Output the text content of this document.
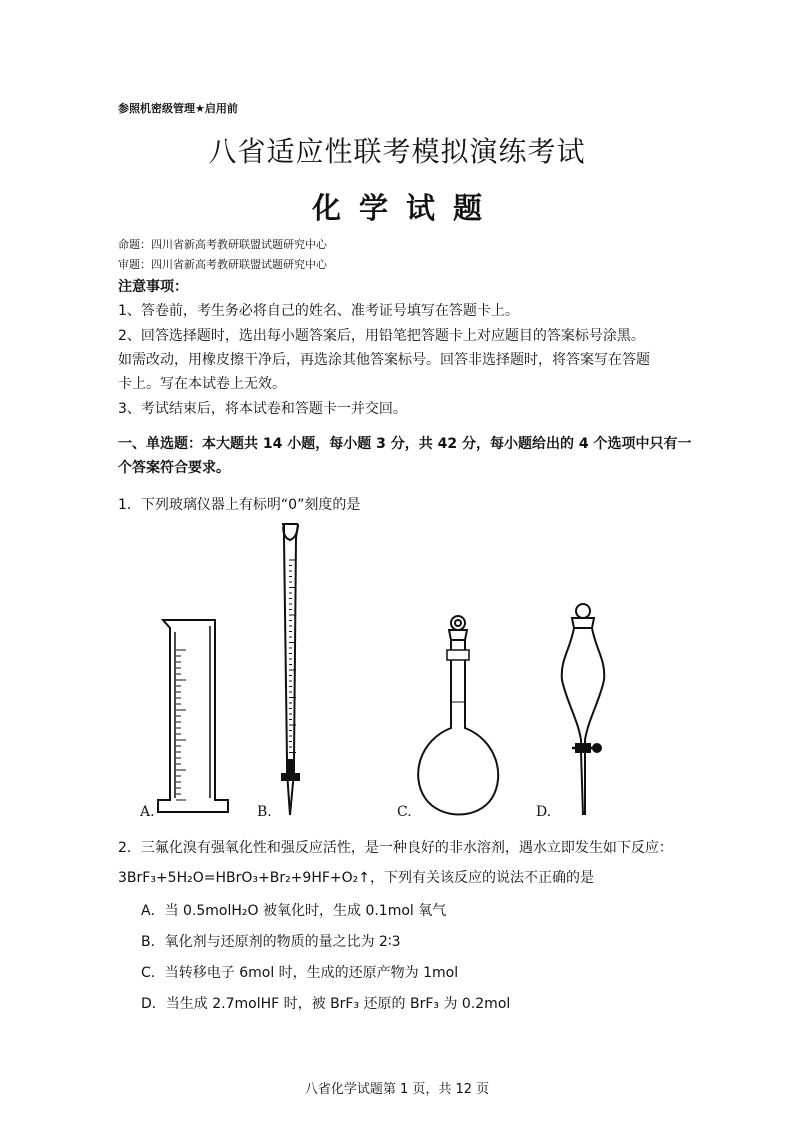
参照机密级管理★启用前
八省适应性联考模拟演练考试
化学试题
命题：四川省新高考教研联盟试题研究中心
审题：四川省新高考教研联盟试题研究中心
注意事项：
1、答卷前，考生务必将自己的姓名、准考证号填写在答题卡上。
2、回答选择题时，选出每小题答案后，用铅笔把答题卡上对应题目的答案标号涂黑。
如需改动，用橡皮擦干净后，再选涂其他答案标号。回答非选择题时，将答案写在答题
卡上。写在本试卷上无效。
3、考试结束后，将本试卷和答题卡一并交回。
一、单选题：本大题共 14 小题，每小题 3 分，共 42 分，每小题给出的 4 个选项中只有一
个答案符合要求。
1．下列玻璃仪器上有标明“0”刻度的是
A.	B.	C.	D.
2．三氟化溴有强氧化性和强反应活性，是一种良好的非水溶剂，遇水立即发生如下反应：
3BrF₃+5H₂O=HBrO₃+Br₂+9HF+O₂↑，下列有关该反应的说法不正确的是
A．当 0.5molH₂O 被氧化时，生成 0.1mol 氧气
B．氧化剂与还原剂的物质的量之比为 2∶3
C．当转移电子 6mol 时，生成的还原产物为 1mol
D．当生成 2.7molHF 时，被 BrF₃ 还原的 BrF₃ 为 0.2mol
八省化学试题第 1 页，共 12 页
